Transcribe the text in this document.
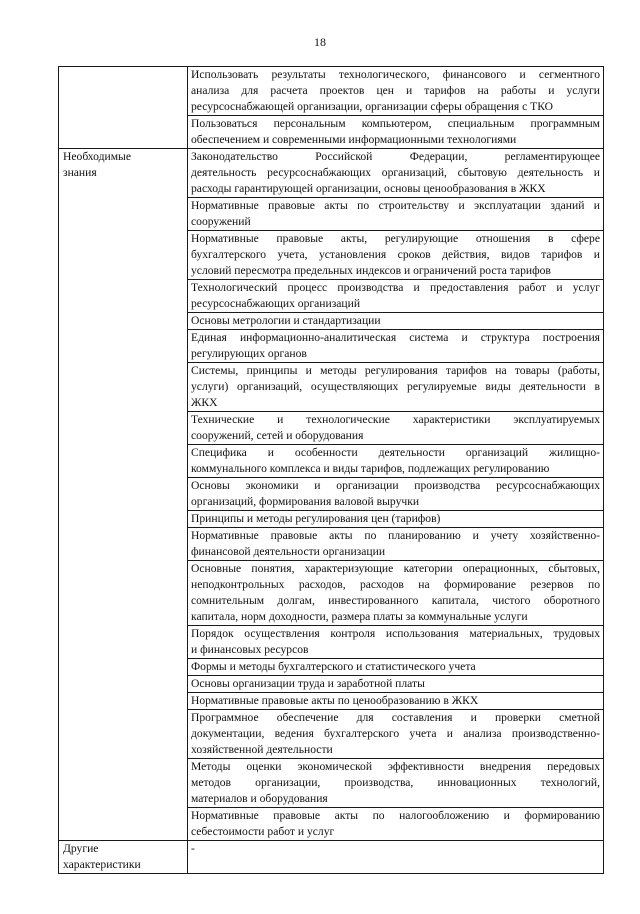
18

	Использовать результаты технологического, финансового и сегментного
анализа для расчета проектов цен и тарифов на работы и услуги
ресурсоснабжающей организации, организации сферы обращения с ТКО

	Пользоваться персональным компьютером, специальным программным
обеспечением и современными информационными технологиями

Необходимые
знания	Законодательство Российской Федерации, регламентирующее
деятельность ресурсоснабжающих организаций, сбытовую деятельность и
расходы гарантирующей организации, основы ценообразования в ЖКХ

	Нормативные правовые акты по строительству и эксплуатации зданий и
сооружений

	Нормативные правовые акты, регулирующие отношения в сфере
бухгалтерского учета, установления сроков действия, видов тарифов и
условий пересмотра предельных индексов и ограничений роста тарифов

	Технологический процесс производства и предоставления работ и услуг
ресурсоснабжающих организаций

	Основы метрологии и стандартизации

	Единая информационно-аналитическая система и структура построения
регулирующих органов

	Системы, принципы и методы регулирования тарифов на товары (работы,
услуги) организаций, осуществляющих регулируемые виды деятельности в
ЖКХ

	Технические и технологические характеристики эксплуатируемых
сооружений, сетей и оборудования

	Специфика и особенности деятельности организаций жилищно-
коммунального комплекса и виды тарифов, подлежащих регулированию

	Основы экономики и организации производства ресурсоснабжающих
организаций, формирования валовой выручки

	Принципы и методы регулирования цен (тарифов)

	Нормативные правовые акты по планированию и учету хозяйственно-
финансовой деятельности организации

	Основные понятия, характеризующие категории операционных, сбытовых,
неподконтрольных расходов, расходов на формирование резервов по
сомнительным долгам, инвестированного капитала, чистого оборотного
капитала, норм доходности, размера платы за коммунальные услуги

	Порядок осуществления контроля использования материальных, трудовых
и финансовых ресурсов

	Формы и методы бухгалтерского и статистического учета

	Основы организации труда и заработной платы

	Нормативные правовые акты по ценообразованию в ЖКХ

	Программное обеспечение для составления и проверки сметной
документации, ведения бухгалтерского учета и анализа производственно-
хозяйственной деятельности

	Методы оценки экономической эффективности внедрения передовых
методов организации, производства, инновационных технологий,
материалов и оборудования

	Нормативные правовые акты по налогообложению и формированию
себестоимости работ и услуг

Другие
характеристики	-
